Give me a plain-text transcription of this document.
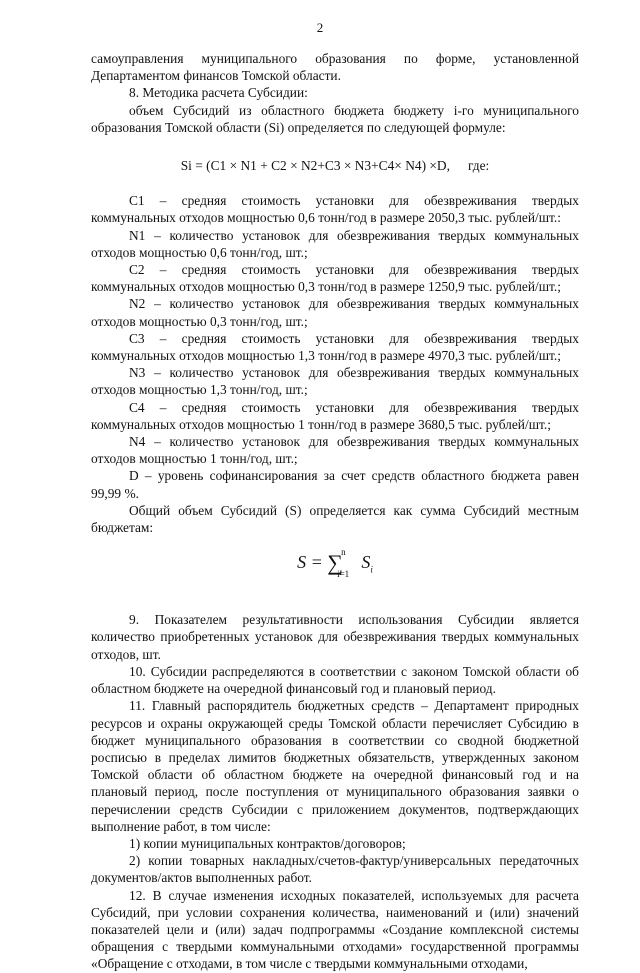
2

самоуправления муниципального образования по форме, установленной Департаментом финансов Томской области.

8. Методика расчета Субсидии:

объем Субсидий из областного бюджета бюджету i-го муниципального образования Томской области (Si) определяется по следующей формуле:

Si = (C1 × N1 + C2 × N2+C3 × N3+C4× N4) ×D, где:

C1 – средняя стоимость установки для обезвреживания твердых коммунальных отходов мощностью 0,6 тонн/год в размере 2050,3 тыс. рублей/шт.:

N1 – количество установок для обезвреживания твердых коммунальных отходов мощностью 0,6 тонн/год, шт.;

C2 – средняя стоимость установки для обезвреживания твердых коммунальных отходов мощностью 0,3 тонн/год в размере 1250,9 тыс. рублей/шт.;

N2 – количество установок для обезвреживания твердых коммунальных отходов мощностью 0,3 тонн/год, шт.;

C3 – средняя стоимость установки для обезвреживания твердых коммунальных отходов мощностью 1,3 тонн/год в размере 4970,3 тыс. рублей/шт.;

N3 – количество установок для обезвреживания твердых коммунальных отходов мощностью 1,3 тонн/год, шт.;

C4 – средняя стоимость установки для обезвреживания твердых коммунальных отходов мощностью 1 тонн/год в размере 3680,5 тыс. рублей/шт.;

N4 – количество установок для обезвреживания твердых коммунальных отходов мощностью 1 тонн/год, шт.;

D – уровень софинансирования за счет средств областного бюджета равен 99,99 %.

Общий объем Субсидий (S) определяется как сумма Субсидий местным бюджетам:

S = ∑
n
i=1
$S_i$

9. Показателем результативности использования Субсидии является количество приобретенных установок для обезвреживания твердых коммунальных отходов, шт.

10. Субсидии распределяются в соответствии с законом Томской области об областном бюджете на очередной финансовый год и плановый период.

11. Главный распорядитель бюджетных средств – Департамент природных ресурсов и охраны окружающей среды Томской области перечисляет Субсидию в бюджет муниципального образования в соответствии со сводной бюджетной росписью в пределах лимитов бюджетных обязательств, утвержденных законом Томской области об областном бюджете на очередной финансовый год и на плановый период, после поступления от муниципального образования заявки о перечислении средств Субсидии с приложением документов, подтверждающих выполнение работ, в том числе:

1) копии муниципальных контрактов/договоров;

2) копии товарных накладных/счетов-фактур/универсальных передаточных документов/актов выполненных работ.

12. В случае изменения исходных показателей, используемых для расчета Субсидий, при условии сохранения количества, наименований и (или) значений показателей цели и (или) задач подпрограммы «Создание комплексной системы обращения с твердыми коммунальными отходами» государственной программы «Обращение с отходами, в том числе с твердыми коммунальными отходами,
